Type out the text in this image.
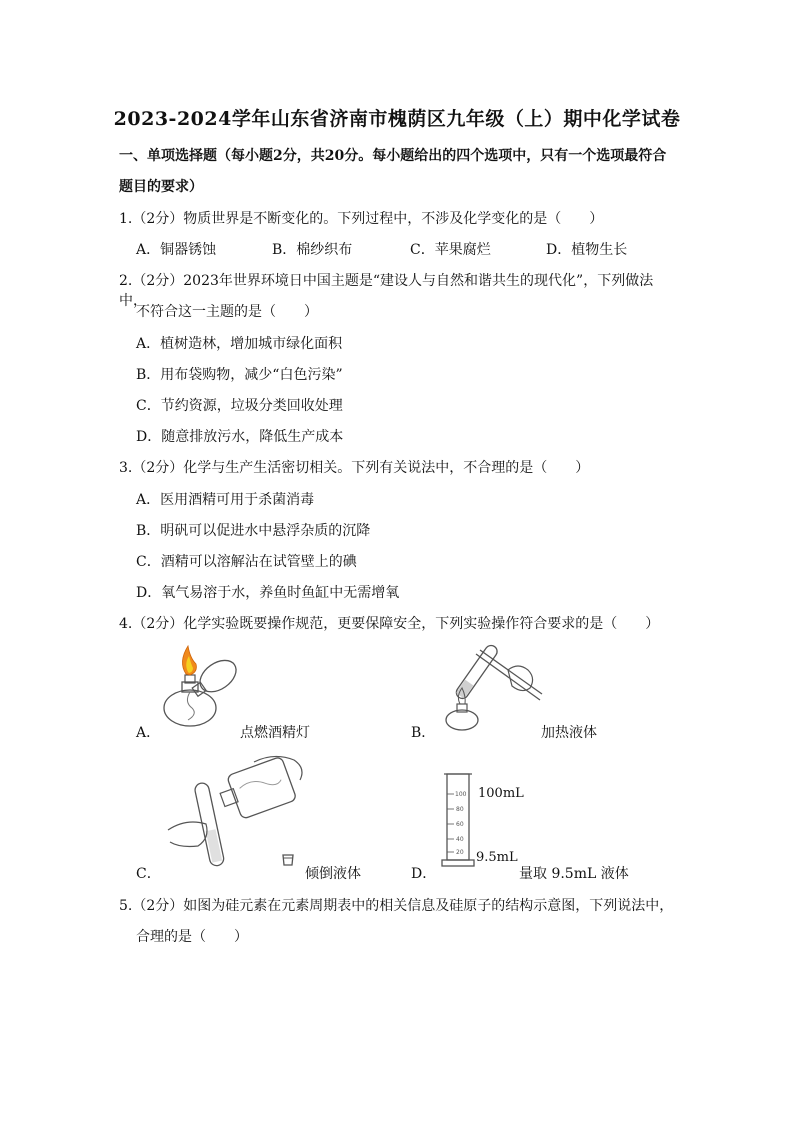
2023-2024学年山东省济南市槐荫区九年级（上）期中化学试卷
一、单项选择题（每小题2分，共20分。每小题给出的四个选项中，只有一个选项最符合
题目的要求）
1.（2分）物质世界是不断变化的。下列过程中，不涉及化学变化的是（　　）
A．铜器锈蚀	B．棉纱织布	C．苹果腐烂	D．植物生长
2.（2分）2023年世界环境日中国主题是“建设人与自然和谐共生的现代化”，下列做法中，
不符合这一主题的是（　　）
A．植树造林，增加城市绿化面积
B．用布袋购物，减少“白色污染”
C．节约资源，垃圾分类回收处理
D．随意排放污水，降低生产成本
3.（2分）化学与生产生活密切相关。下列有关说法中，不合理的是（　　）
A．医用酒精可用于杀菌消毒
B．明矾可以促进水中悬浮杂质的沉降
C．酒精可以溶解沾在试管壁上的碘
D．氧气易溶于水，养鱼时鱼缸中无需增氧
4.（2分）化学实验既要操作规范，更要保障安全，下列实验操作符合要求的是（　　）
A．	点燃酒精灯	B．	加热液体
C．	倾倒液体
100
80
60
40
20
100mL
9.5mL
D．	量取 9.5mL 液体
5.（2分）如图为硅元素在元素周期表中的相关信息及硅原子的结构示意图，下列说法中，
合理的是（　　）
